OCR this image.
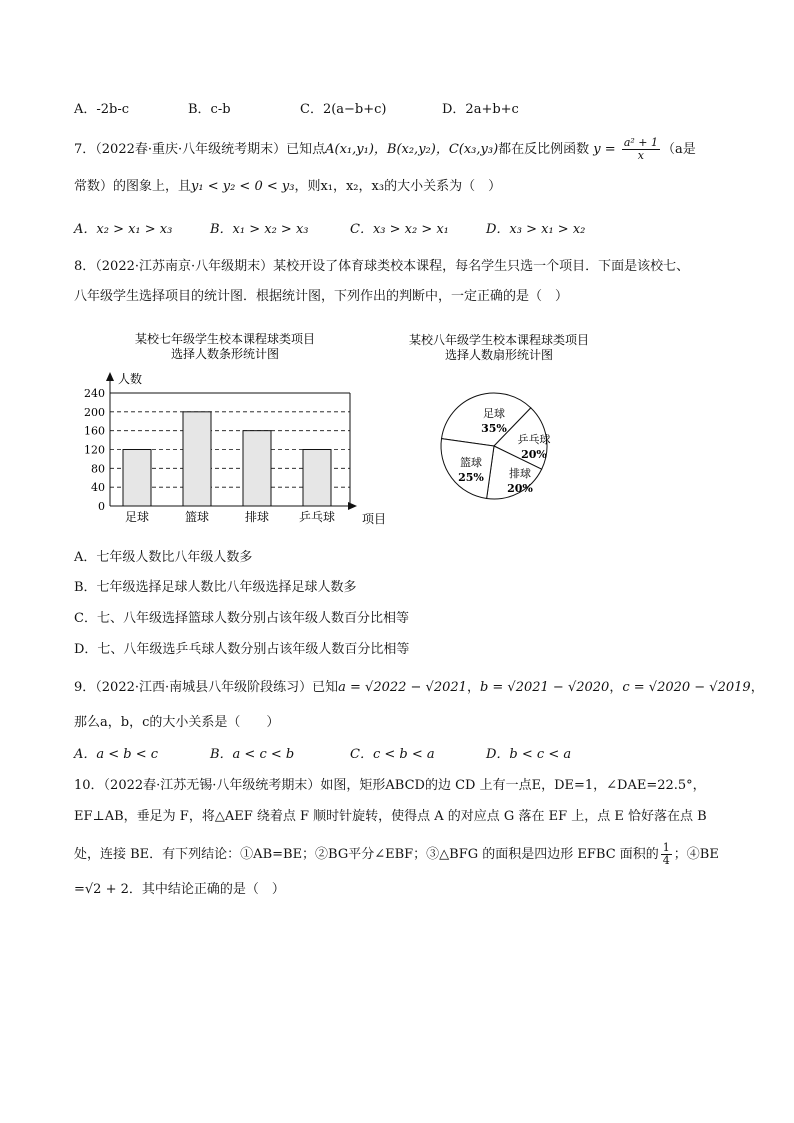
A．-2b-c	B．c-b	C．2(a−b+c)	D．2a+b+c
7．（2022春·重庆·八年级统考期末）已知点A(x₁,y₁)，B(x₂,y₂)，C(x₃,y₃)都在反比例函数 $y = \frac{\text{a² + 1}}{x} (a$是
常数）的图象上，且y₁ < y₂ < 0 < y₃，则x₁，x₂，x₃的大小关系为（　）
A．x₂ > x₁ > x₃	B．x₁ > x₂ > x₃	C．x₃ > x₂ > x₁	D．x₃ > x₁ > x₂
8．（2022·江苏南京·八年级期末）某校开设了体育球类校本课程，每名学生只选一个项目．下面是该校七、
八年级学生选择项目的统计图．根据统计图，下列作出的判断中，一定正确的是（　）
某校七年级学生校本课程球类项目
选择人数条形统计图
人数
项目
0
40
80
120
160
200
240
足球	篮球	排球 乒乓球
某校八年级学生校本课程球类项目
选择人数扇形统计图
足球
35%
乒乓球
20%
排球
20%
篮球
25%
A．七年级人数比八年级人数多
B．七年级选择足球人数比八年级选择足球人数多
C．七、八年级选择篮球人数分别占该年级人数百分比相等
D．七、八年级选乒乓球人数分别占该年级人数百分比相等
9．（2022·江西·南城县八年级阶段练习）已知a = √2022 − √2021，b = √2021 − √2020，c = √2020 − √2019，
那么a，b，c的大小关系是（　　）
A．a < b < c	B．a < c < b	C．c < b < a	D．b < c < a
10．（2022春·江苏无锡·八年级统考期末）如图，矩形ABCD的边 CD 上有一点E，DE=1，∠DAE=22.5°，
EF⊥AB，垂足为 F，将△AEF 绕着点 F 顺时针旋转，使得点 A 的对应点 G 落在 EF 上，点 E 恰好落在点 B
处，连接 BE．有下列结论：①AB=BE；②BG平分∠EBF；③△BFG 的面积是四边形 EFBC 面积的 $\frac{1}{4}$ ；④BE
=√2 + 2．其中结论正确的是（　）
